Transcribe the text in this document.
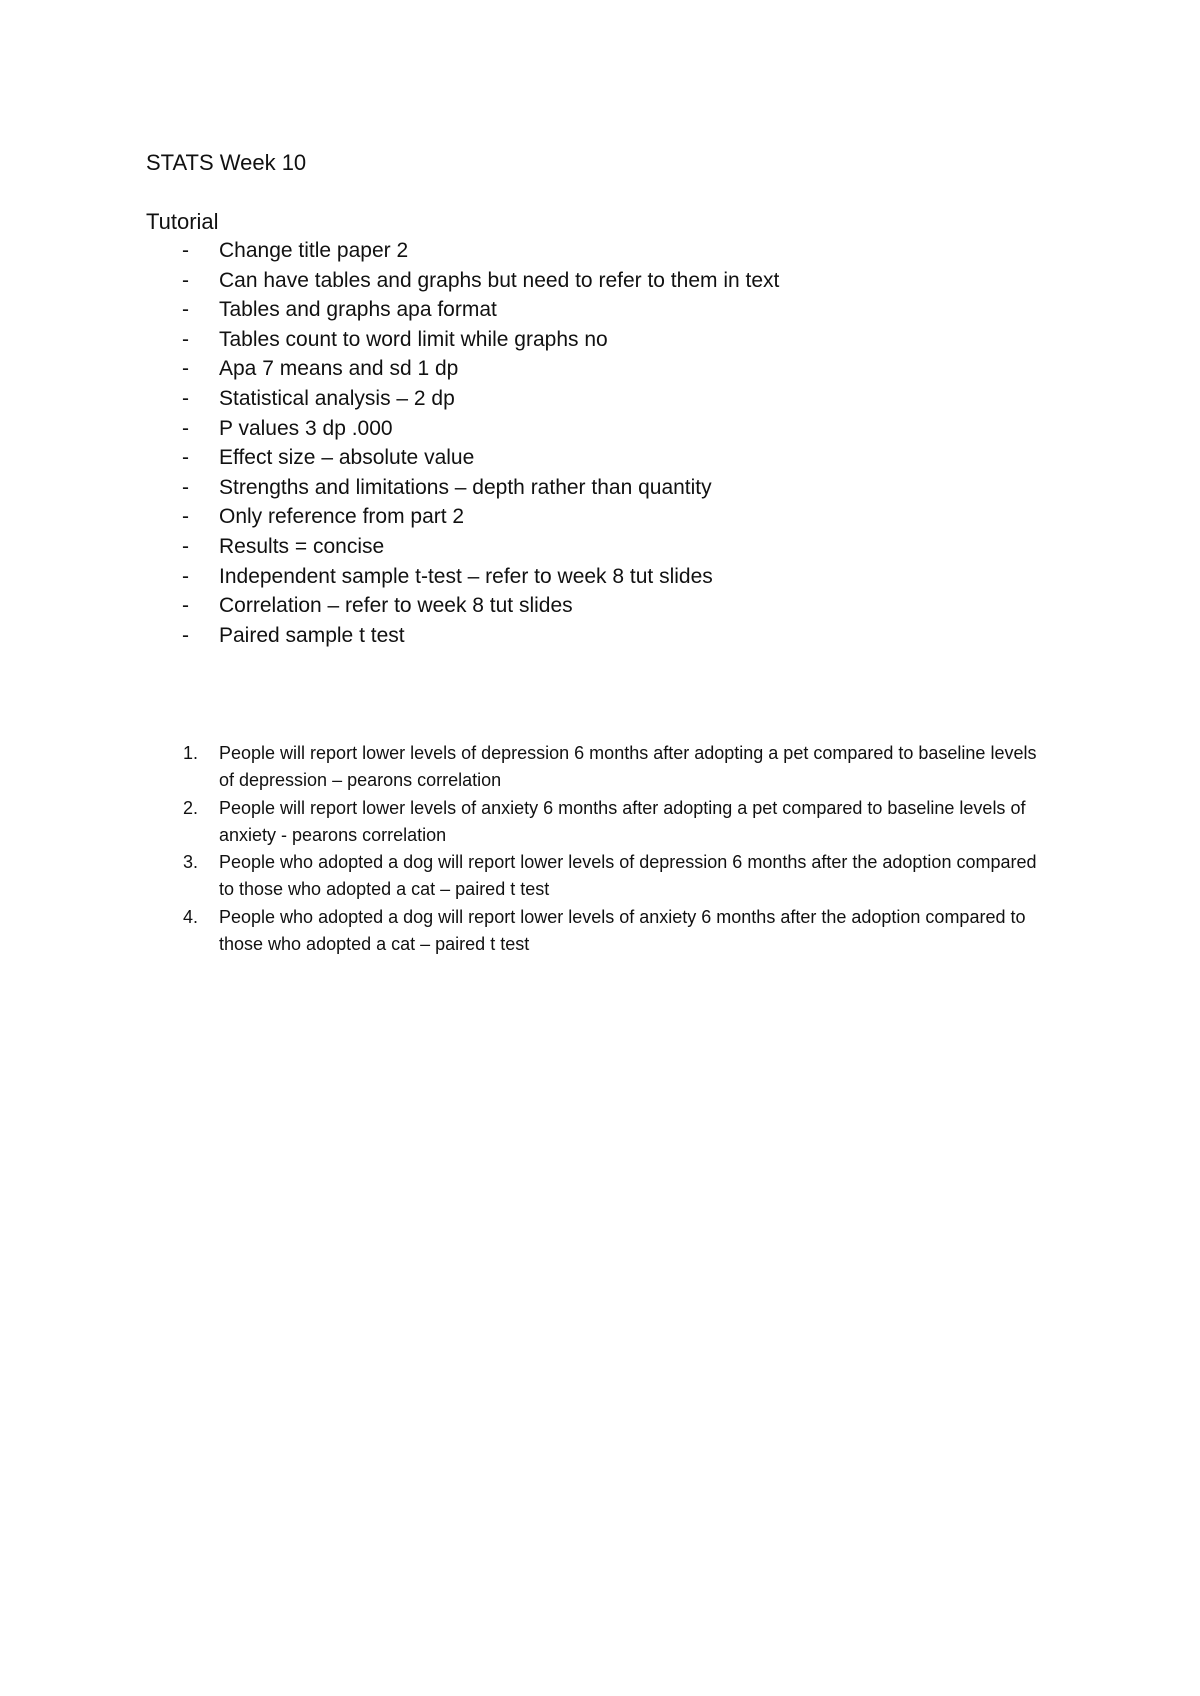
STATS Week 10
Tutorial
- Change title paper 2
- Can have tables and graphs but need to refer to them in text
- Tables and graphs apa format
- Tables count to word limit while graphs no
- Apa 7 means and sd 1 dp
- Statistical analysis – 2 dp
- P values 3 dp .000
- Effect size – absolute value
- Strengths and limitations – depth rather than quantity
- Only reference from part 2
- Results = concise
- Independent sample t-test – refer to week 8 tut slides
- Correlation – refer to week 8 tut slides
- Paired sample t test
1. People will report lower levels of depression 6 months after adopting a pet compared to baseline levels of depression – pearons correlation
2. People will report lower levels of anxiety 6 months after adopting a pet compared to baseline levels of anxiety - pearons correlation
3. People who adopted a dog will report lower levels of depression 6 months after the adoption compared to those who adopted a cat – paired t test
4. People who adopted a dog will report lower levels of anxiety 6 months after the adoption compared to those who adopted a cat – paired t test
